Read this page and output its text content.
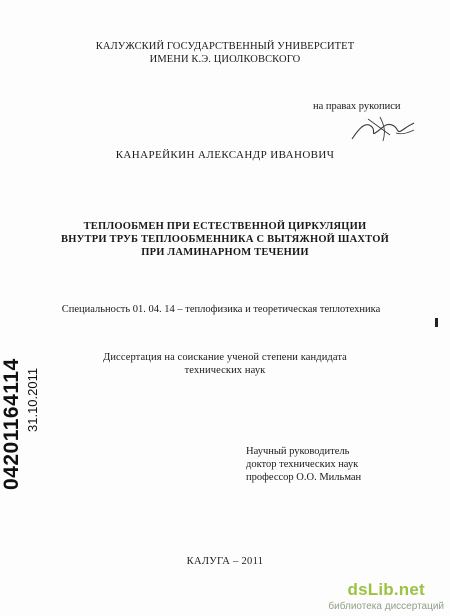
КАЛУЖСКИЙ ГОСУДАРСТВЕННЫЙ УНИВЕРСИТЕТ
ИМЕНИ К.Э. ЦИОЛКОВСКОГО
на правах рукописи
КАНАРЕЙКИН АЛЕКСАНДР ИВАНОВИЧ
ТЕПЛООБМЕН ПРИ ЕСТЕСТВЕННОЙ ЦИРКУЛЯЦИИ
ВНУТРИ ТРУБ ТЕПЛООБМЕННИКА С ВЫТЯЖНОЙ ШАХТОЙ
ПРИ ЛАМИНАРНОМ ТЕЧЕНИИ
Специальность 01. 04. 14 – теплофизика и теоретическая теплотехника
Диссертация на соискание ученой степени кандидата
технических наук
Научный руководитель
доктор технических наук
профессор О.О. Мильман
КАЛУГА – 2011
04201164114 31.10.2011
dsLib.net
библиотека диссертаций
